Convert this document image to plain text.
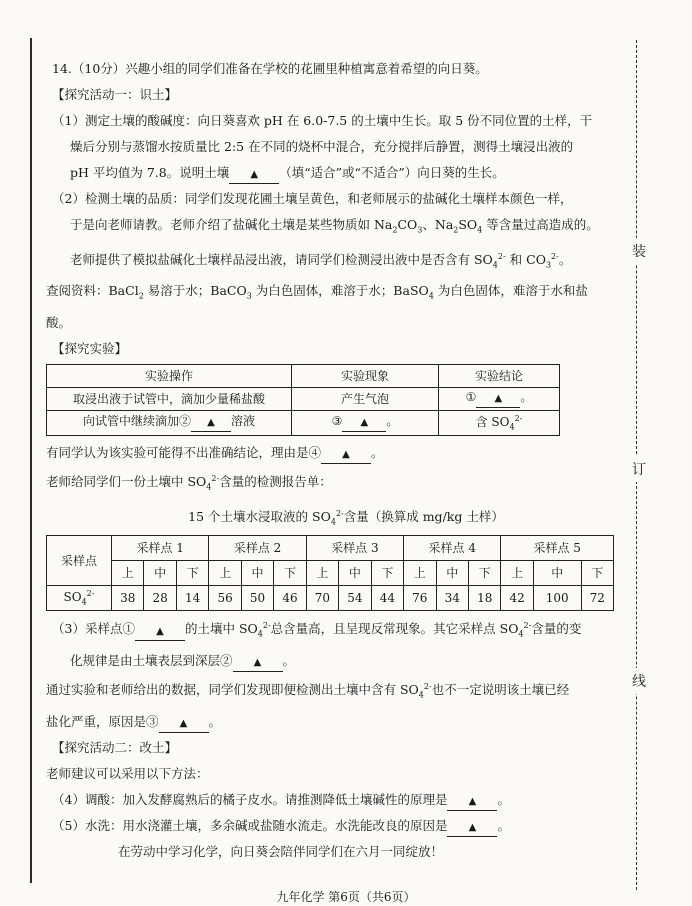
装
订
线
14.（10分）兴趣小组的同学们准备在学校的花圃里种植寓意着希望的向日葵。
【探究活动一：识土】
（1）测定土壤的酸碱度：向日葵喜欢 pH 在 6.0-7.5 的土壤中生长。取 5 份不同位置的土样，干
燥后分别与蒸馏水按质量比 2:5 在不同的烧杯中混合，充分搅拌后静置，测得土壤浸出液的
pH 平均值为 7.8。说明土壤 ▲ （填“适合”或“不适合”）向日葵的生长。
（2）检测土壤的品质：同学们发现花圃土壤呈黄色，和老师展示的盐碱化土壤样本颜色一样，
于是向老师请教。老师介绍了盐碱化土壤是某些物质如 $Na_2CO_3$、$Na_2SO_4$ 等含量过高造成的。
老师提供了模拟盐碱化土壤样品浸出液，请同学们检测浸出液中是否含有 $SO_4^{2-}$ 和 $CO_3^{2-}$。
查阅资料：BaCl$_2$ 易溶于水；BaCO$_3$ 为白色固体，难溶于水；BaSO$_4$ 为白色固体，难溶于水和盐
酸。
【探究实验】
实验操作	实验现象	实验结论
取浸出液于试管中，滴加少量稀盐酸	产生气泡	① ▲ 。
向试管中继续滴加② ▲ 溶液	③ ▲ 。	含 $SO_4^{2-}$
有同学认为该实验可能得不出准确结论，理由是④ ▲ 。
老师给同学们一份土壤中 $SO_4^{2-}$含量的检测报告单：
15 个土壤水浸取液的 $SO_4^{2-}$含量（换算成 mg/kg 土样）
采样点	采样点 1			采样点 2			采样点 3			采样点 4			采样点 5		
	上	中	下	上	中	下	上	中	下	上	中	下	上	中	下
$SO_4^{2-}$	38	28	14	56	50	46	70	54	44	76	34	18	42	100	72
（3）采样点① ▲ 的土壤中 $SO_4^{2-}$总含量高，且呈现反常现象。其它采样点 $SO_4^{2-}$含量的变
化规律是由土壤表层到深层② ▲ 。
通过实验和老师给出的数据，同学们发现即便检测出土壤中含有 $SO_4^{2-}$也不一定说明该土壤已经
盐化严重，原因是③ ▲ 。
【探究活动二：改土】
老师建议可以采用以下方法：
（4）调酸：加入发酵腐熟后的橘子皮水。请推测降低土壤碱性的原理是 ▲ 。
（5）水洗：用水浇灌土壤，多余碱或盐随水流走。水洗能改良的原因是 ▲ 。
在劳动中学习化学，向日葵会陪伴同学们在六月一同绽放！
九年化学 第6页（共6页）
